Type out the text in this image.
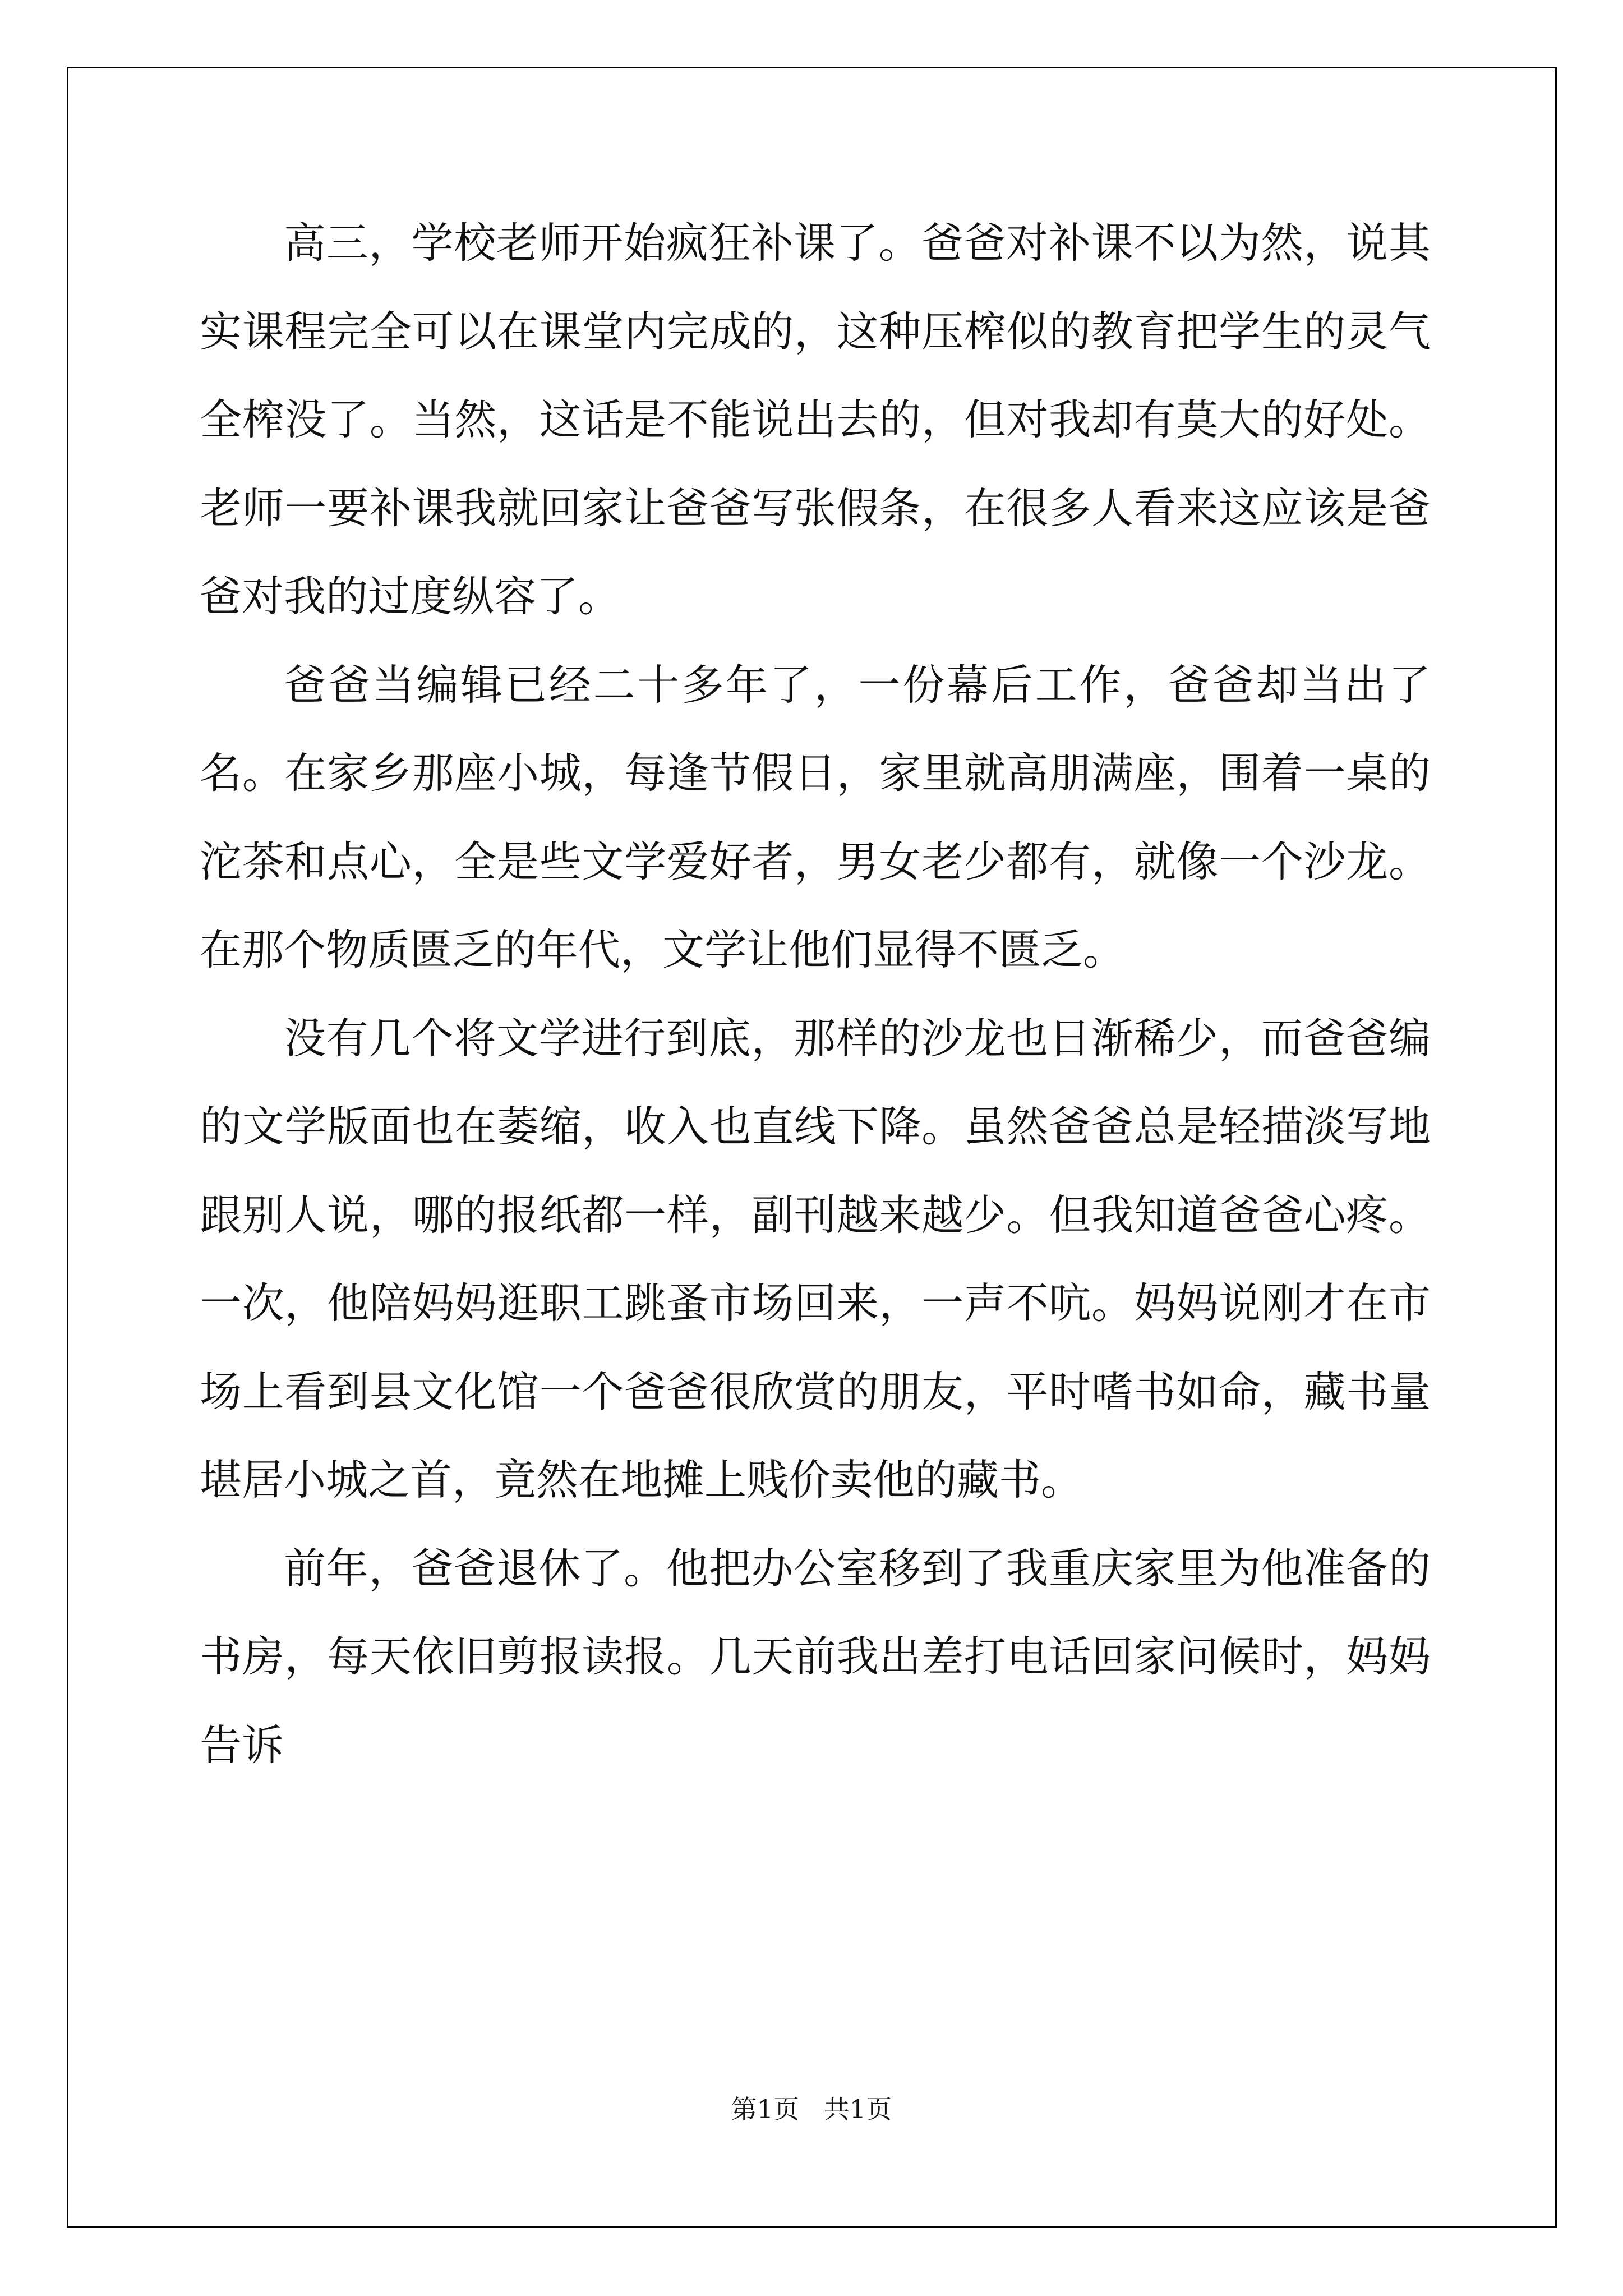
高三，学校老师开始疯狂补课了。爸爸对补课不以为然，说其实课程完全可以在课堂内完成的，这种压榨似的教育把学生的灵气全榨没了。当然，这话是不能说出去的，但对我却有莫大的好处。老师一要补课我就回家让爸爸写张假条，在很多人看来这应该是爸爸对我的过度纵容了。

爸爸当编辑已经二十多年了，一份幕后工作，爸爸却当出了名。在家乡那座小城，每逢节假日，家里就高朋满座，围着一桌的沱茶和点心，全是些文学爱好者，男女老少都有，就像一个沙龙。在那个物质匮乏的年代，文学让他们显得不匮乏。

没有几个将文学进行到底，那样的沙龙也日渐稀少，而爸爸编的文学版面也在萎缩，收入也直线下降。虽然爸爸总是轻描淡写地跟别人说，哪的报纸都一样，副刊越来越少。但我知道爸爸心疼。一次，他陪妈妈逛职工跳蚤市场回来，一声不吭。妈妈说刚才在市场上看到县文化馆一个爸爸很欣赏的朋友，平时嗜书如命，藏书量堪居小城之首，竟然在地摊上贱价卖他的藏书。

前年，爸爸退休了。他把办公室移到了我重庆家里为他准备的书房，每天依旧剪报读报。几天前我出差打电话回家问候时，妈妈告诉

第1页   共1页
